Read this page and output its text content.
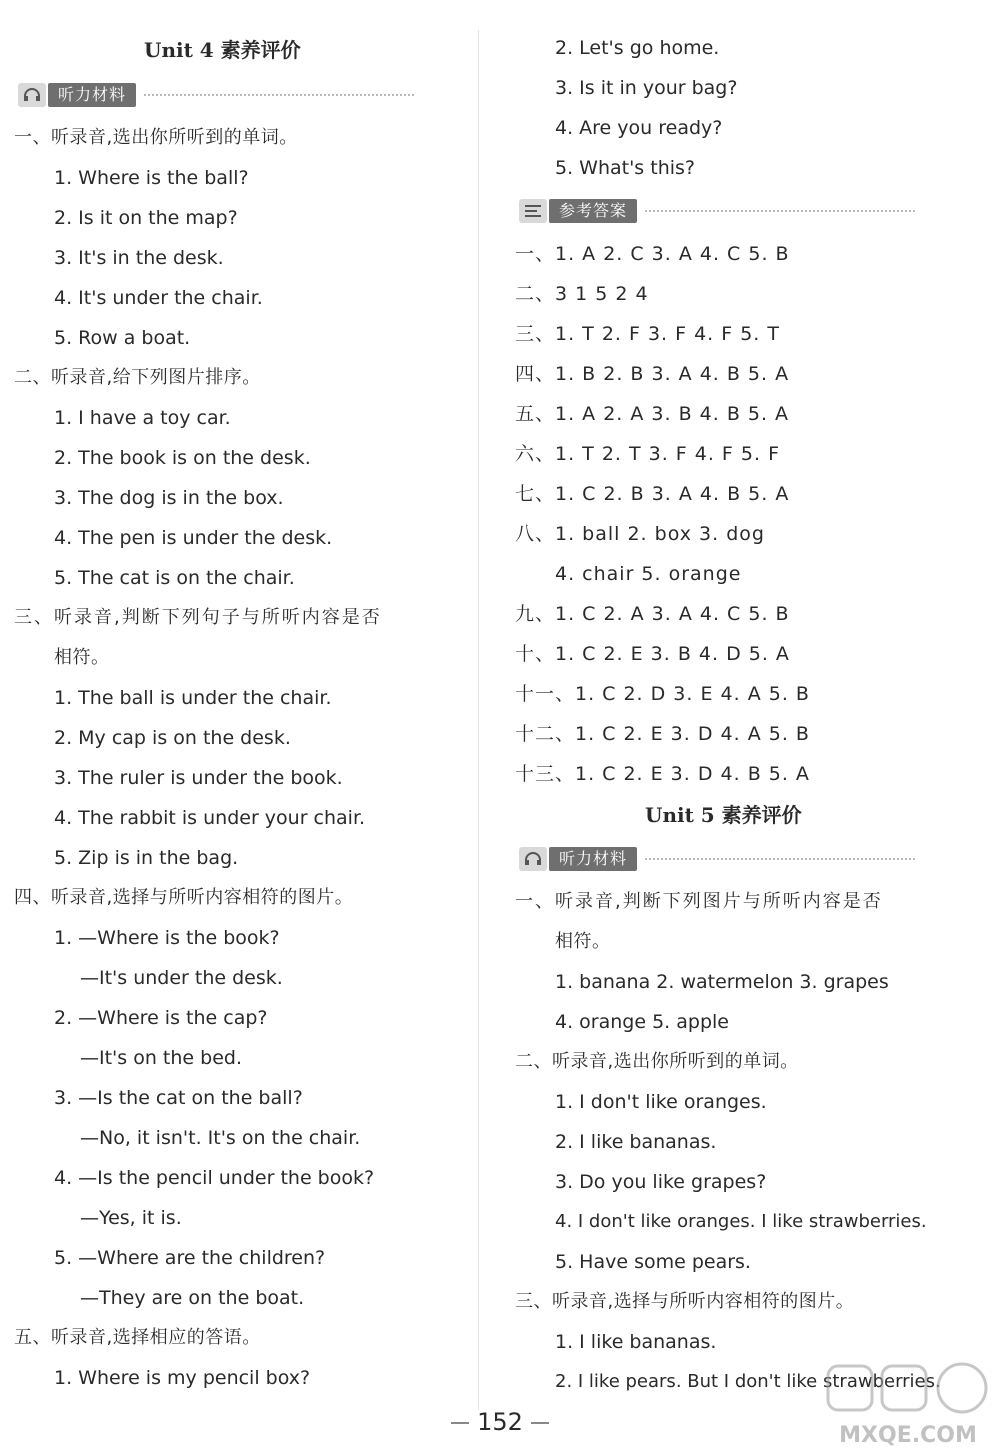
Unit 4 素养评价
听力材料
一、听录音,选出你所听到的单词。
1. Where is the ball?
2. Is it on the map?
3. It's in the desk.
4. It's under the chair.
5. Row a boat.
二、听录音,给下列图片排序。
1. I have a toy car.
2. The book is on the desk.
3. The dog is in the box.
4. The pen is under the desk.
5. The cat is on the chair.
三、听录音,判断下列句子与所听内容是否
相符。
1. The ball is under the chair.
2. My cap is on the desk.
3. The ruler is under the book.
4. The rabbit is under your chair.
5. Zip is in the bag.
四、听录音,选择与所听内容相符的图片。
1. —Where is the book?
—It's under the desk.
2. —Where is the cap?
—It's on the bed.
3. —Is the cat on the ball?
—No, it isn't. It's on the chair.
4. —Is the pencil under the book?
—Yes, it is.
5. —Where are the children?
—They are on the boat.
五、听录音,选择相应的答语。
1. Where is my pencil box?
2. Let's go home.
3. Is it in your bag?
4. Are you ready?
5. What's this?
参考答案
一、1. A 2. C 3. A 4. C 5. B
二、3 1 5 2 4
三、1. T 2. F 3. F 4. F 5. T
四、1. B 2. B 3. A 4. B 5. A
五、1. A 2. A 3. B 4. B 5. A
六、1. T 2. T 3. F 4. F 5. F
七、1. C 2. B 3. A 4. B 5. A
八、1. ball 2. box 3. dog
4. chair 5. orange
九、1. C 2. A 3. A 4. C 5. B
十、1. C 2. E 3. B 4. D 5. A
十一、1. C 2. D 3. E 4. A 5. B
十二、1. C 2. E 3. D 4. A 5. B
十三、1. C 2. E 3. D 4. B 5. A
Unit 5 素养评价
听力材料
一、听录音,判断下列图片与所听内容是否
相符。
1. banana 2. watermelon 3. grapes
4. orange 5. apple
二、听录音,选出你所听到的单词。
1. I don't like oranges.
2. I like bananas.
3. Do you like grapes?
4. I don't like oranges. I like strawberries.
5. Have some pears.
三、听录音,选择与所听内容相符的图片。
1. I like bananas.
2. I like pears. But I don't like strawberries.
MXQE.COM
152
